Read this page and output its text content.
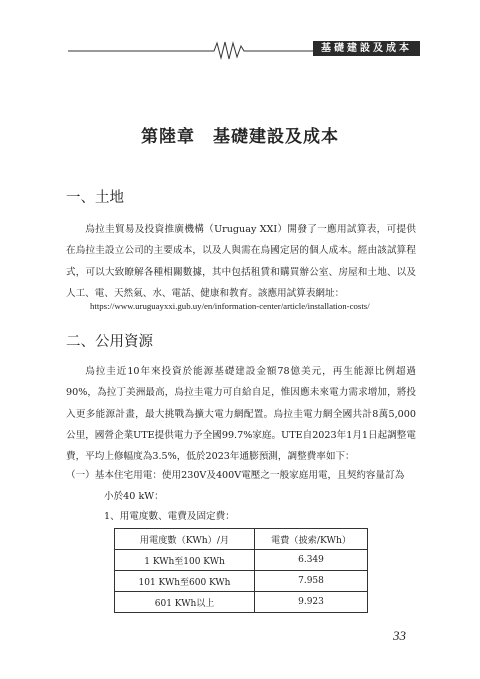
基礎建設及成本
第陸章　基礎建設及成本
一、土地

烏拉圭貿易及投資推廣機構（Uruguay XXI）開發了一應用試算表，可提供在烏拉圭設立公司的主要成本，以及人與需在烏國定居的個人成本。經由該試算程式，可以大致瞭解各種相關數據，其中包括租賃和購買辦公室、房屋和土地、以及人工、電、天然氣、水、電話、健康和教育。該應用試算表網址：

https://www.uruguayxxi.gub.uy/en/information-center/article/installation-costs/
二、公用資源

烏拉圭近10年來投資於能源基礎建設金額78億美元，再生能源比例超過90%，為拉丁美洲最高，烏拉圭電力可自給自足，惟因應未來電力需求增加，將投入更多能源計畫，最大挑戰為擴大電力網配置。烏拉圭電力網全國共計8萬5,000公里，國營企業UTE提供電力予全國99.7%家庭。UTE自2023年1月1日起調整電費，平均上修幅度為3.5%，低於2023年通膨預測，調整費率如下：

（一）基本住宅用電：使用230V及400V電壓之一般家庭用電，且契約容量訂為
小於40 kW：
1、用電度數、電費及固定費：
用電度數（KWh）/月	電費（披索/KWh）
1 KWh至100 KWh	6.349
101 KWh至600 KWh	7.958
601 KWh以上	9.923
33
